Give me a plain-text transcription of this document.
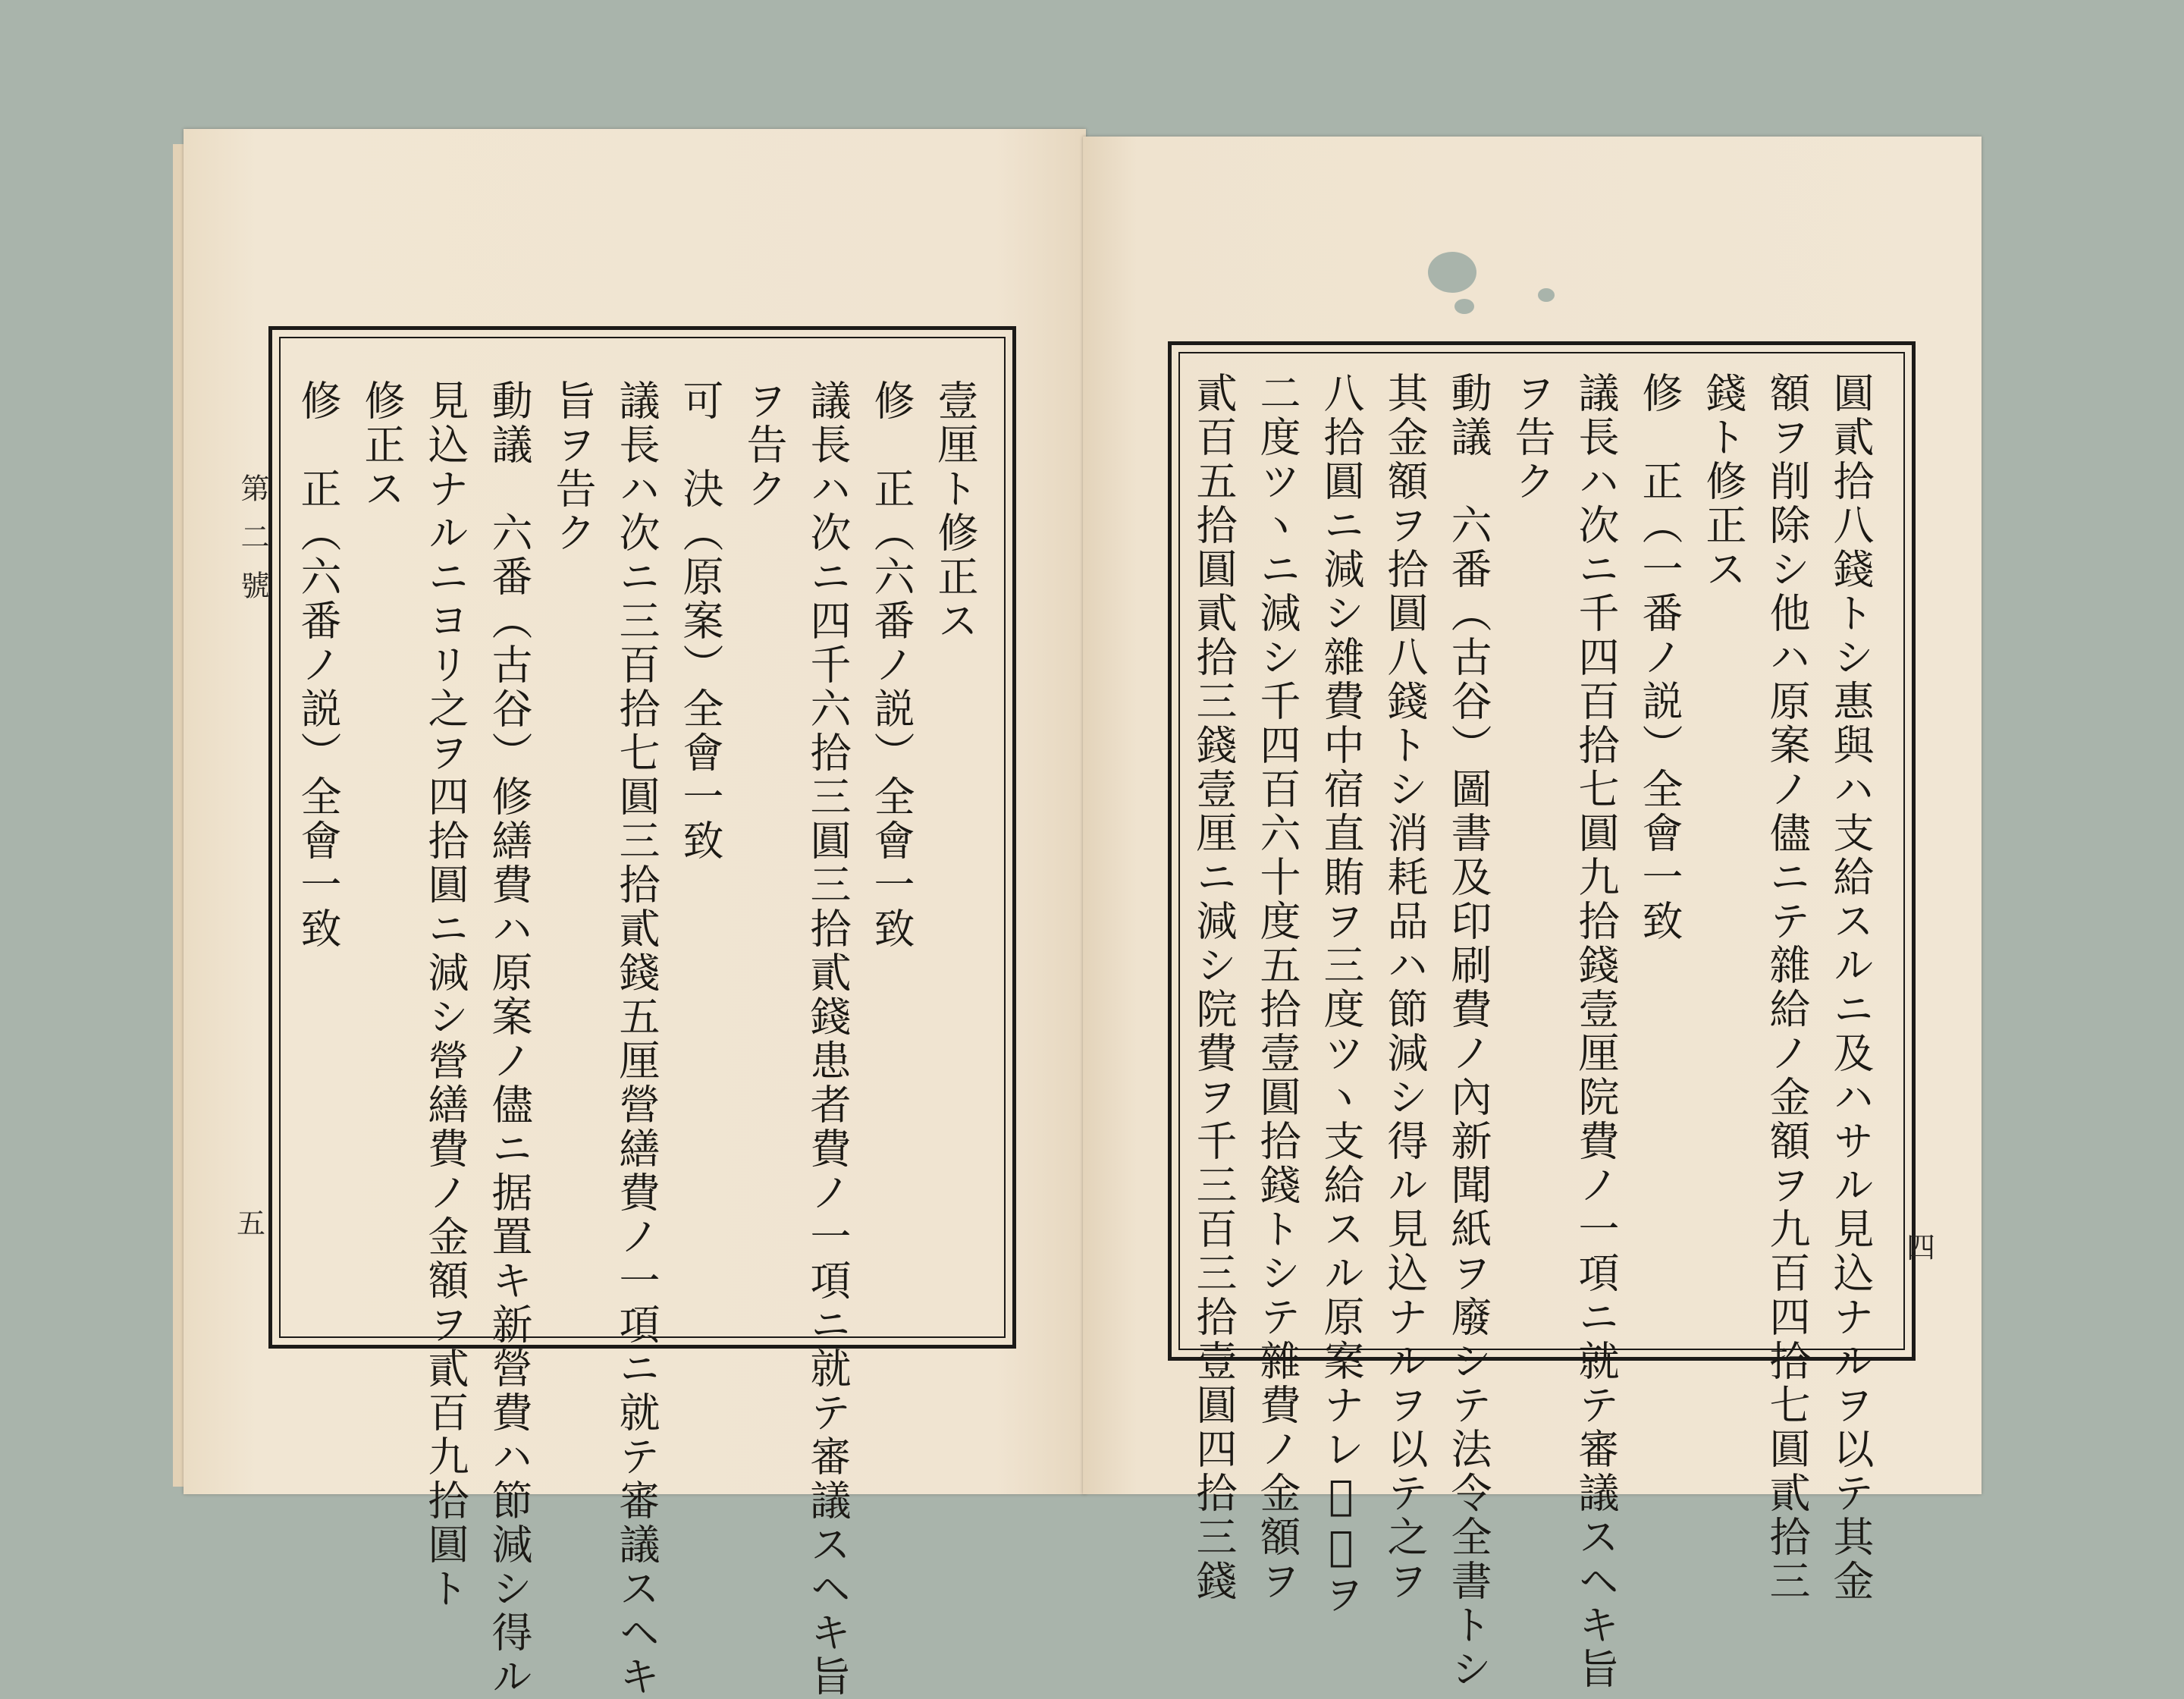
第二號
五
壹厘ト修正ス
修　正（六番ノ説）全會一致
議長ハ次ニ四千六拾三圓三拾貳錢患者費ノ一項ニ就テ審議スヘキ旨
ヲ告ク
可　決（原案）全會一致
議長ハ次ニ三百拾七圓三拾貳錢五厘營繕費ノ一項ニ就テ審議スヘキ
旨ヲ告ク
動議　六番（古谷）修繕費ハ原案ノ儘ニ据置キ新營費ハ節減シ得ル
見込ナルニヨリ之ヲ四拾圓ニ減シ營繕費ノ金額ヲ貳百九拾圓ト
修正ス
修　正（六番ノ説）全會一致
四
圓貳拾八錢トシ惠與ハ支給スルニ及ハサル見込ナルヲ以テ其金
額ヲ削除シ他ハ原案ノ儘ニテ雜給ノ金額ヲ九百四拾七圓貳拾三
錢ト修正ス
修　正（一番ノ説）全會一致
議長ハ次ニ千四百拾七圓九拾錢壹厘院費ノ一項ニ就テ審議スヘキ旨
ヲ告ク
動議　六番（古谷）圖書及印刷費ノ內新聞紙ヲ廢シテ法令全書トシ
其金額ヲ拾圓八錢トシ消耗品ハ節減シ得ル見込ナルヲ以テ之ヲ
八拾圓ニ減シ雜費中宿直賄ヲ三度ツヽ支給スル原案ナレ𪜈之ヲ
二度ツヽニ減シ千四百六十度五拾壹圓拾錢トシテ雜費ノ金額ヲ
貳百五拾圓貳拾三錢壹厘ニ減シ院費ヲ千三百三拾壹圓四拾三錢
